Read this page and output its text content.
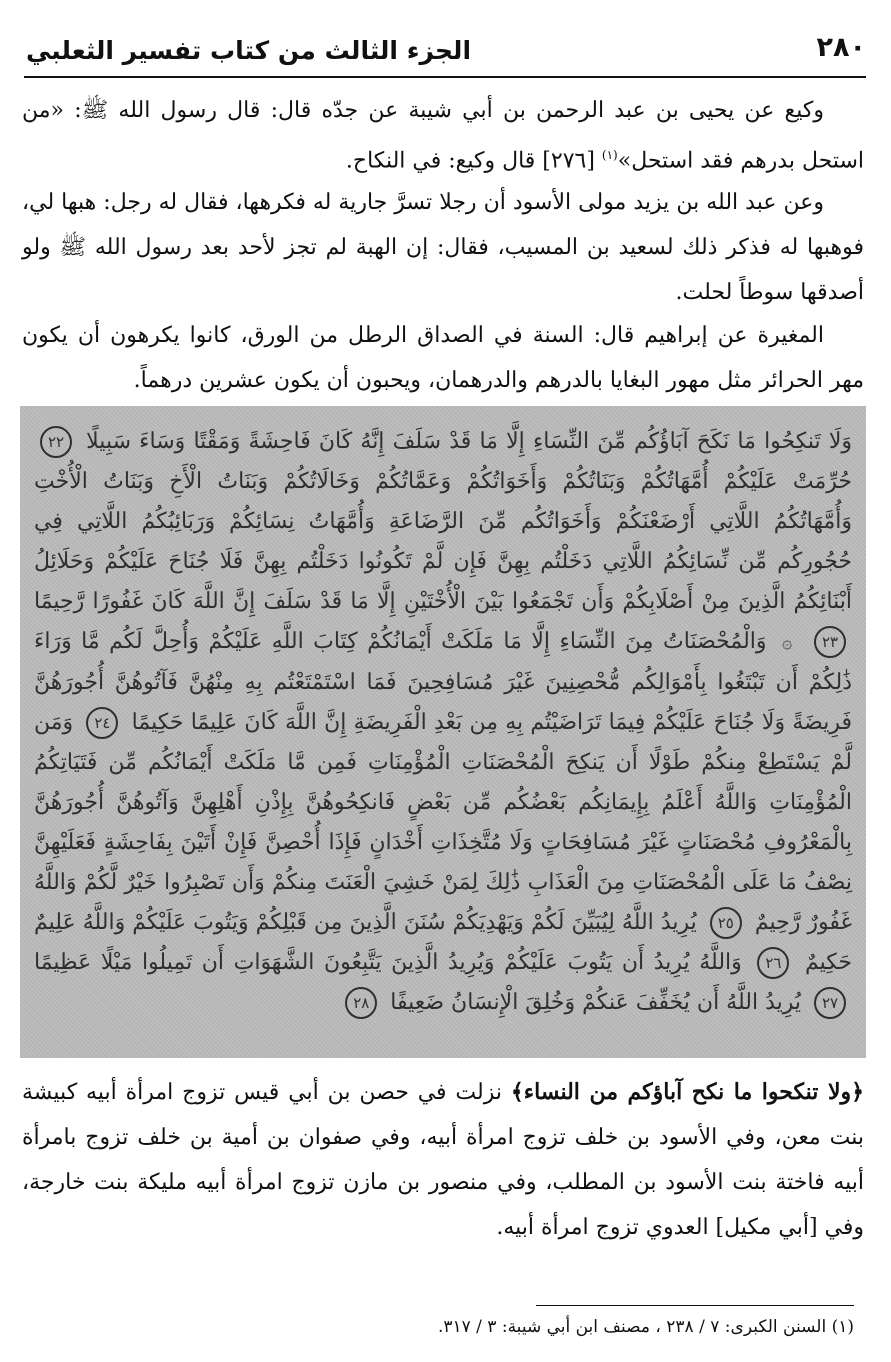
٢٨٠
الجزء الثالث من كتاب تفسير الثعلبي

وكيع عن يحيى بن عبد الرحمن بن أبي شيبة عن جدّه قال: قال رسول الله ﷺ: «من استحل بدرهم فقد استحل»$^{(١)}$ [٢٧٦] قال وكيع: في النكاح.

وعن عبد الله بن يزيد مولى الأسود أن رجلا تسرَّ جارية له فكرهها، فقال له رجل: هبها لي، فوهبها له فذكر ذلك لسعيد بن المسيب، فقال: إن الهبة لم تجز لأحد بعد رسول الله ﷺ ولو أصدقها سوطاً لحلت.

المغيرة عن إبراهيم قال: السنة في الصداق الرطل من الورق، كانوا يكرهون أن يكون مهر الحرائر مثل مهور البغايا بالدرهم والدرهمان، ويحبون أن يكون عشرين درهماً.

وَلَا تَنكِحُوا مَا نَكَحَ آبَاؤُكُم مِّنَ النِّسَاءِ إِلَّا مَا قَدْ سَلَفَ إِنَّهُ كَانَ فَاحِشَةً وَمَقْتًا وَسَاءَ سَبِيلًا ٢٢ حُرِّمَتْ عَلَيْكُمْ أُمَّهَاتُكُمْ وَبَنَاتُكُمْ وَأَخَوَاتُكُمْ وَعَمَّاتُكُمْ وَخَالَاتُكُمْ وَبَنَاتُ الْأَخِ وَبَنَاتُ الْأُخْتِ وَأُمَّهَاتُكُمُ اللَّاتِي أَرْضَعْنَكُمْ وَأَخَوَاتُكُم مِّنَ الرَّضَاعَةِ وَأُمَّهَاتُ نِسَائِكُمْ وَرَبَائِبُكُمُ اللَّاتِي فِي حُجُورِكُم مِّن نِّسَائِكُمُ اللَّاتِي دَخَلْتُم بِهِنَّ فَإِن لَّمْ تَكُونُوا دَخَلْتُم بِهِنَّ فَلَا جُنَاحَ عَلَيْكُمْ وَحَلَائِلُ أَبْنَائِكُمُ الَّذِينَ مِنْ أَصْلَابِكُمْ وَأَن تَجْمَعُوا بَيْنَ الْأُخْتَيْنِ إِلَّا مَا قَدْ سَلَفَ إِنَّ اللَّهَ كَانَ غَفُورًا رَّحِيمًا ٢٣ ۞ وَالْمُحْصَنَاتُ مِنَ النِّسَاءِ إِلَّا مَا مَلَكَتْ أَيْمَانُكُمْ كِتَابَ اللَّهِ عَلَيْكُمْ وَأُحِلَّ لَكُم مَّا وَرَاءَ ذَٰلِكُمْ أَن تَبْتَغُوا بِأَمْوَالِكُم مُّحْصِنِينَ غَيْرَ مُسَافِحِينَ فَمَا اسْتَمْتَعْتُم بِهِ مِنْهُنَّ فَآتُوهُنَّ أُجُورَهُنَّ فَرِيضَةً وَلَا جُنَاحَ عَلَيْكُمْ فِيمَا تَرَاضَيْتُم بِهِ مِن بَعْدِ الْفَرِيضَةِ إِنَّ اللَّهَ كَانَ عَلِيمًا حَكِيمًا ٢٤ وَمَن لَّمْ يَسْتَطِعْ مِنكُمْ طَوْلًا أَن يَنكِحَ الْمُحْصَنَاتِ الْمُؤْمِنَاتِ فَمِن مَّا مَلَكَتْ أَيْمَانُكُم مِّن فَتَيَاتِكُمُ الْمُؤْمِنَاتِ وَاللَّهُ أَعْلَمُ بِإِيمَانِكُم بَعْضُكُم مِّن بَعْضٍ فَانكِحُوهُنَّ بِإِذْنِ أَهْلِهِنَّ وَآتُوهُنَّ أُجُورَهُنَّ بِالْمَعْرُوفِ مُحْصَنَاتٍ غَيْرَ مُسَافِحَاتٍ وَلَا مُتَّخِذَاتِ أَخْدَانٍ فَإِذَا أُحْصِنَّ فَإِنْ أَتَيْنَ بِفَاحِشَةٍ فَعَلَيْهِنَّ نِصْفُ مَا عَلَى الْمُحْصَنَاتِ مِنَ الْعَذَابِ ذَٰلِكَ لِمَنْ خَشِيَ الْعَنَتَ مِنكُمْ وَأَن تَصْبِرُوا خَيْرٌ لَّكُمْ وَاللَّهُ غَفُورٌ رَّحِيمٌ ٢٥ يُرِيدُ اللَّهُ لِيُبَيِّنَ لَكُمْ وَيَهْدِيَكُمْ سُنَنَ الَّذِينَ مِن قَبْلِكُمْ وَيَتُوبَ عَلَيْكُمْ وَاللَّهُ عَلِيمٌ حَكِيمٌ ٢٦ وَاللَّهُ يُرِيدُ أَن يَتُوبَ عَلَيْكُمْ وَيُرِيدُ الَّذِينَ يَتَّبِعُونَ الشَّهَوَاتِ أَن تَمِيلُوا مَيْلًا عَظِيمًا ٢٧ يُرِيدُ اللَّهُ أَن يُخَفِّفَ عَنكُمْ وَخُلِقَ الْإِنسَانُ ضَعِيفًا ٢٨

﴿ولا تنكحوا ما نكح آباؤكم من النساء﴾ نزلت في حصن بن أبي قيس تزوج امرأة أبيه كبيشة بنت معن، وفي الأسود بن خلف تزوج امرأة أبيه، وفي صفوان بن أمية بن خلف تزوج بامرأة أبيه فاختة بنت الأسود بن المطلب، وفي منصور بن مازن تزوج امرأة أبيه مليكة بنت خارجة، وفي [أبي مكيل] العدوي تزوج امرأة أبيه.

(١) السنن الكبرى: ٧ / ٢٣٨ ، مصنف ابن أبي شيبة: ٣ / ٣١٧.
